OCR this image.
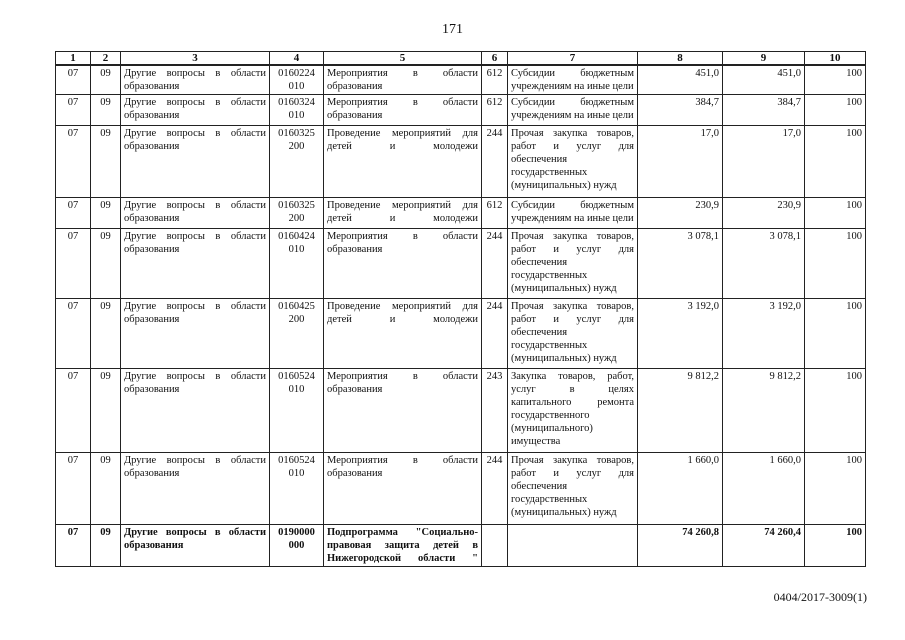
171
1	2	3	4	5	6	7	8	9	10
07	09	Другие вопросы в области образования	0160224 010	Мероприятия в области образования	612	Субсидии бюджетным учреждениям на иные цели	451,0	451,0	100
07	09	Другие вопросы в области образования	0160324 010	Мероприятия в области образования	612	Субсидии бюджетным учреждениям на иные цели	384,7	384,7	100
07	09	Другие вопросы в области образования	0160325 200	Проведение мероприятий для детей и молодежи	244	Прочая закупка товаров, работ и услуг для обеспечения государственных (муниципальных) нужд	17,0	17,0	100
07	09	Другие вопросы в области образования	0160325 200	Проведение мероприятий для детей и молодежи	612	Субсидии бюджетным учреждениям на иные цели	230,9	230,9	100
07	09	Другие вопросы в области образования	0160424 010	Мероприятия в области образования	244	Прочая закупка товаров, работ и услуг для обеспечения государственных (муниципальных) нужд	3 078,1	3 078,1	100
07	09	Другие вопросы в области образования	0160425 200	Проведение мероприятий для детей и молодежи	244	Прочая закупка товаров, работ и услуг для обеспечения государственных (муниципальных) нужд	3 192,0	3 192,0	100
07	09	Другие вопросы в области образования	0160524 010	Мероприятия в области образования	243	Закупка товаров, работ, услуг в целях капитального ремонта государственного (муниципального) имущества	9 812,2	9 812,2	100
07	09	Другие вопросы в области образования	0160524 010	Мероприятия в области образования	244	Прочая закупка товаров, работ и услуг для обеспечения государственных (муниципальных) нужд	1 660,0	1 660,0	100
07	09	Другие вопросы в области образования	0190000 000	Подпрограмма "Социально-правовая защита детей в Нижегородской области "			74 260,8	74 260,4	100
0404/2017-3009(1)
